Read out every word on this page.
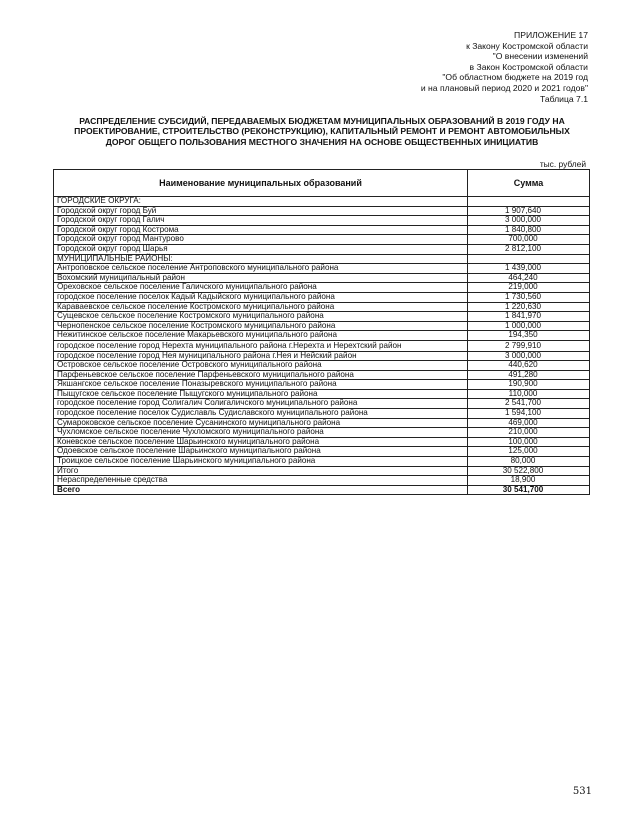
ПРИЛОЖЕНИЕ 17
к Закону Костромской области
"О внесении изменений
в Закон Костромской области
"Об областном бюджете на 2019 год
и на плановый период 2020 и 2021 годов"
Таблица 7.1
РАСПРЕДЕЛЕНИЕ СУБСИДИЙ, ПЕРЕДАВАЕМЫХ БЮДЖЕТАМ МУНИЦИПАЛЬНЫХ ОБРАЗОВАНИЙ В 2019 ГОДУ НА ПРОЕКТИРОВАНИЕ, СТРОИТЕЛЬСТВО (РЕКОНСТРУКЦИЮ), КАПИТАЛЬНЫЙ РЕМОНТ И РЕМОНТ АВТОМОБИЛЬНЫХ ДОРОГ ОБЩЕГО ПОЛЬЗОВАНИЯ МЕСТНОГО ЗНАЧЕНИЯ НА ОСНОВЕ ОБЩЕСТВЕННЫХ ИНИЦИАТИВ
тыс. рублей
Наименование муниципальных образований	Сумма
ГОРОДСКИЕ ОКРУГА:	
Городской округ город Буй	1 907,640
Городской округ город Галич	3 000,000
Городской округ город Кострома	1 840,800
Городской округ город Мантурово	700,000
Городской округ город Шарья	2 812,100
МУНИЦИПАЛЬНЫЕ РАЙОНЫ:	
Антроповское сельское поселение Антроповского муниципального района	1 439,000
Вохомский муниципальный район	464,240
Ореховское сельское поселение Галичского муниципального района	219,000
городское поселение поселок Кадый Кадыйского муниципального района	1 730,560
Караваевское сельское поселение Костромского муниципального района	1 220,630
Сущевское сельское поселение Костромского муниципального района	1 841,970
Чернопенское сельское поселение Костромского муниципального района	1 000,000
Нежитинское сельское поселение Макарьевского муниципального района	194,350
городское поселение город Нерехта муниципального района г.Нерехта и Нерехтский район	2 799,910
городское поселение город Нея муниципального района г.Нея и Нейский район	3 000,000
Островское сельское поселение Островского муниципального района	440,620
Парфеньевское сельское поселение Парфеньевского муниципального района	491,280
Якшангское сельское поселение Поназыревского муниципального района	190,900
Пыщугское сельское поселение Пыщугского муниципального района	110,000
городское поселение город Солигалич Солигаличского муниципального района	2 541,700
городское поселение поселок Судиславль Судиславского муниципального района	1 594,100
Сумароковское сельское поселение Сусанинского муниципального района	469,000
Чухломское сельское поселение Чухломского муниципального района	210,000
Коневское сельское поселение Шарьинского муниципального района	100,000
Одоевское сельское поселение Шарьинского муниципального района	125,000
Троицкое сельское поселение Шарьинского муниципального района	80,000
Итого	30 522,800
Нераспределенные средства	18,900
Всего	30 541,700
531
